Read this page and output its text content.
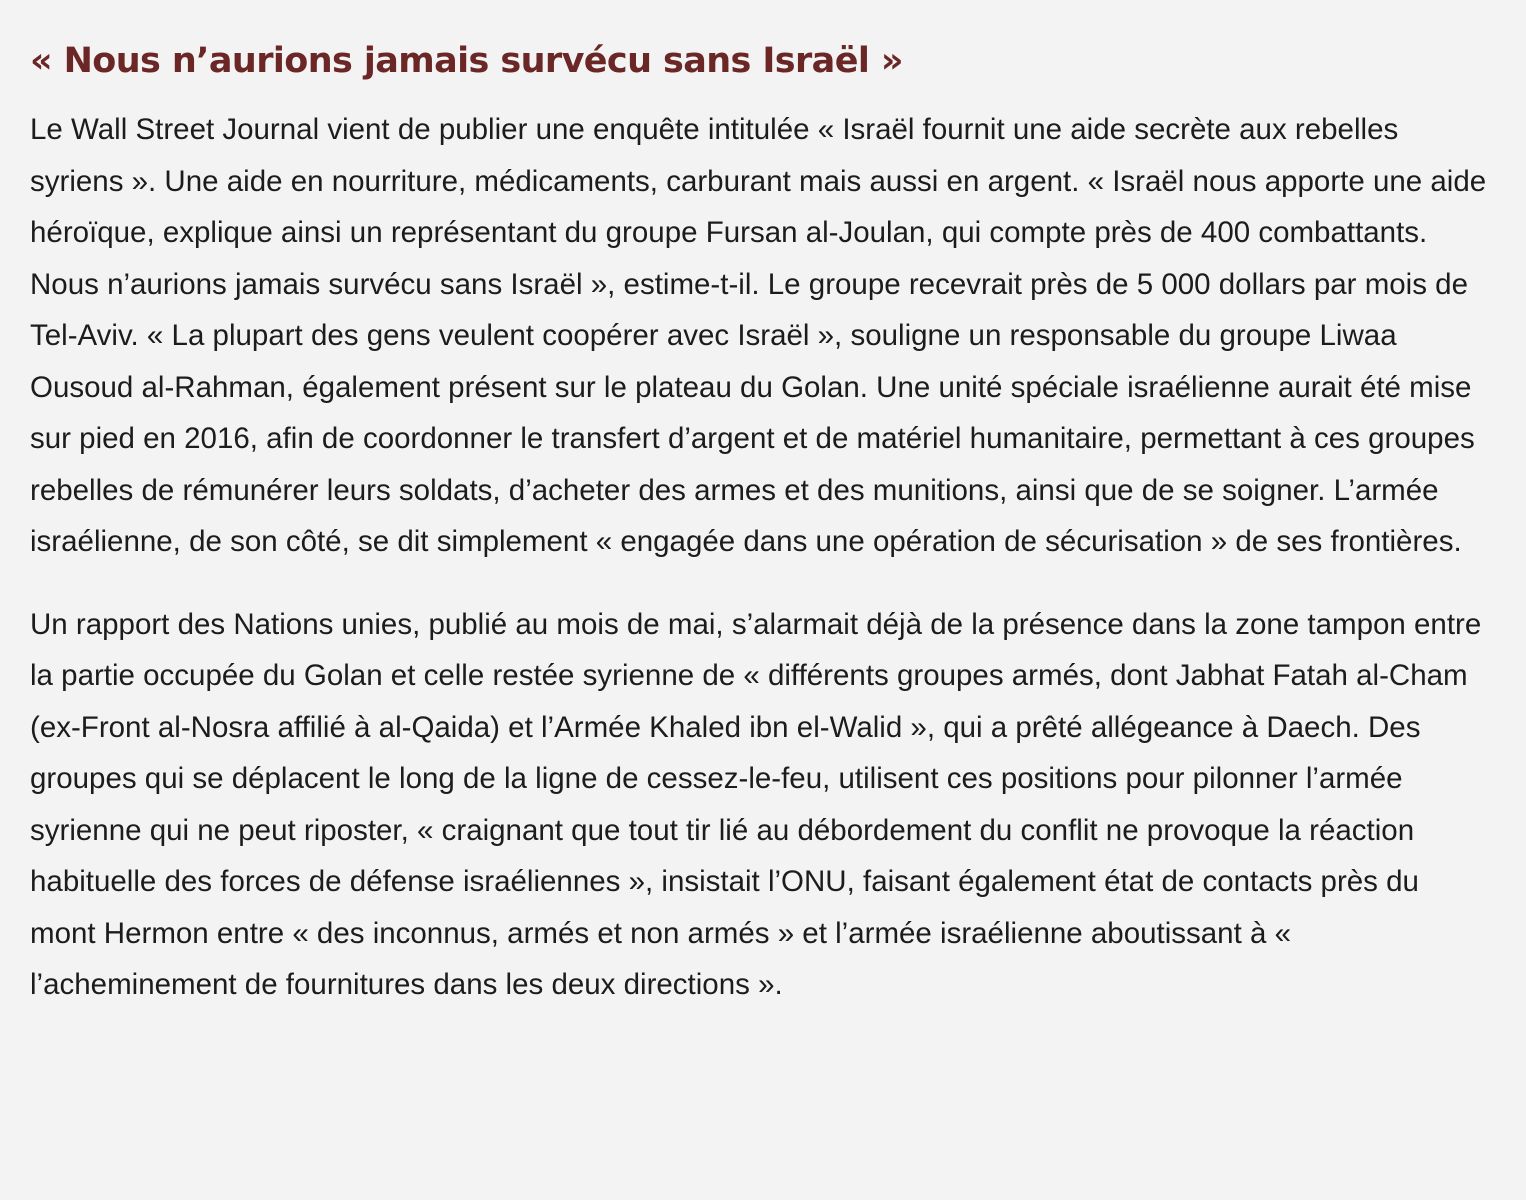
« Nous n’aurions jamais survécu sans Israël »

Le Wall Street Journal vient de publier une enquête intitulée « Israël fournit une aide secrète aux rebelles syriens ». Une aide en nourriture, médicaments, carburant mais aussi en argent. « Israël nous apporte une aide héroïque, explique ainsi un représentant du groupe Fursan al-Joulan, qui compte près de 400 combattants. Nous n’aurions jamais survécu sans Israël », estime-t-il. Le groupe recevrait près de 5 000 dollars par mois de Tel-Aviv. « La plupart des gens veulent coopérer avec Israël », souligne un responsable du groupe Liwaa Ousoud al-Rahman, également présent sur le plateau du Golan. Une unité spéciale israélienne aurait été mise sur pied en 2016, afin de coordonner le transfert d’argent et de matériel humanitaire, permettant à ces groupes rebelles de rémunérer leurs soldats, d’acheter des armes et des munitions, ainsi que de se soigner. L’armée israélienne, de son côté, se dit simplement « engagée dans une opération de sécurisation » de ses frontières.

Un rapport des Nations unies, publié au mois de mai, s’alarmait déjà de la présence dans la zone tampon entre la partie occupée du Golan et celle restée syrienne de « différents groupes armés, dont Jabhat Fatah al-Cham (ex-Front al-Nosra affilié à al-Qaida) et l’Armée Khaled ibn el-Walid », qui a prêté allégeance à Daech. Des groupes qui se déplacent le long de la ligne de cessez-le-feu, utilisent ces positions pour pilonner l’armée syrienne qui ne peut riposter, « craignant que tout tir lié au débordement du conflit ne provoque la réaction habituelle des forces de défense israéliennes », insistait l’ONU, faisant également état de contacts près du mont Hermon entre « des inconnus, armés et non armés » et l’armée israélienne aboutissant à « l’acheminement de fournitures dans les deux directions ».
